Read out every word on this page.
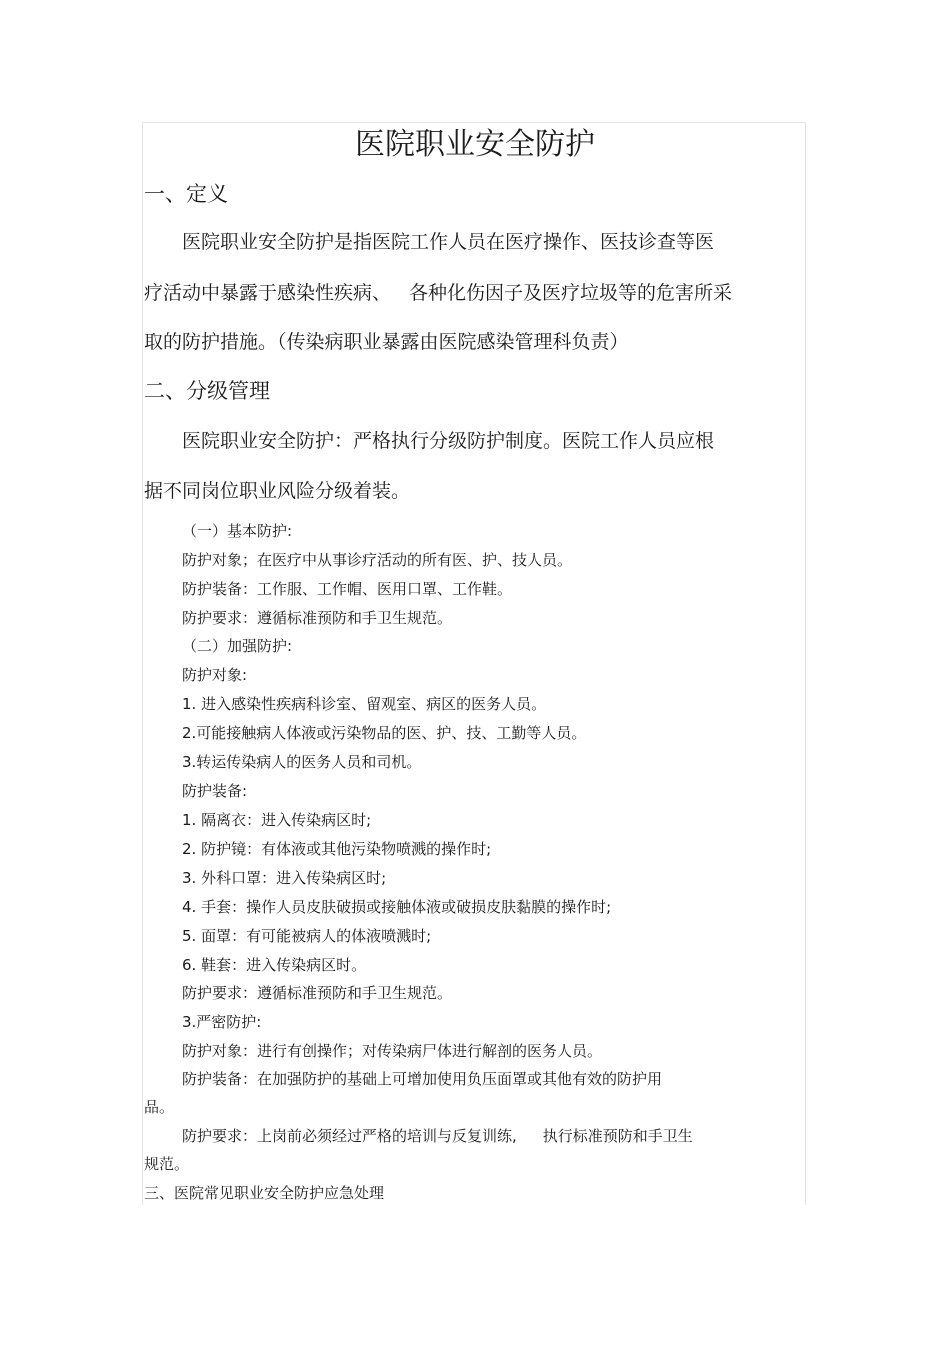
医院职业安全防护
一、定义
医院职业安全防护是指医院工作人员在医疗操作、医技诊查等医
疗活动中暴露于感染性疾病、 各种化伤因子及医疗垃圾等的危害所采
取的防护措施。（传染病职业暴露由医院感染管理科负责）
二、分级管理
医院职业安全防护：严格执行分级防护制度。医院工作人员应根
据不同岗位职业风险分级着装。
（一）基本防护:
防护对象；在医疗中从事诊疗活动的所有医、护、技人员。
防护装备：工作服、工作帽、医用口罩、工作鞋。
防护要求：遵循标准预防和手卫生规范。
（二）加强防护:
防护对象:
1. 进入感染性疾病科诊室、留观室、病区的医务人员。
2.可能接触病人体液或污染物品的医、护、技、工勤等人员。
3.转运传染病人的医务人员和司机。
防护装备:
1. 隔离衣：进入传染病区时;
2. 防护镜：有体液或其他污染物喷溅的操作时;
3. 外科口罩：进入传染病区时;
4. 手套：操作人员皮肤破损或接触体液或破损皮肤黏膜的操作时;
5. 面罩：有可能被病人的体液喷溅时;
6. 鞋套：进入传染病区时。
防护要求：遵循标准预防和手卫生规范。
3.严密防护:
防护对象：进行有创操作；对传染病尸体进行解剖的医务人员。
防护装备：在加强防护的基础上可增加使用负压面罩或其他有效的防护用
品。
防护要求：上岗前必须经过严格的培训与反复训练, 执行标准预防和手卫生
规范。
三、医院常见职业安全防护应急处理
